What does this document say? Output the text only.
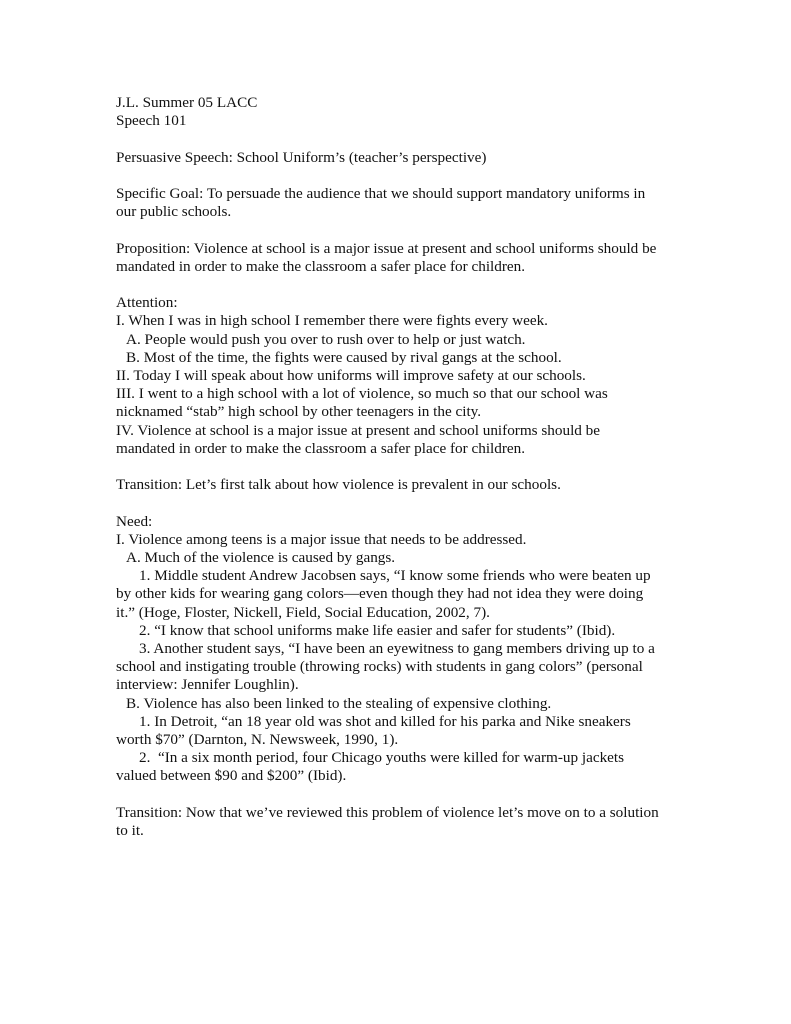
J.L. Summer 05 LACC
Speech 101
Persuasive Speech: School Uniform’s (teacher’s perspective)
Specific Goal: To persuade the audience that we should support mandatory uniforms in
our public schools.
Proposition: Violence at school is a major issue at present and school uniforms should be
mandated in order to make the classroom a safer place for children.
Attention:
I. When I was in high school I remember there were fights every week.
A. People would push you over to rush over to help or just watch.
B. Most of the time, the fights were caused by rival gangs at the school.
II. Today I will speak about how uniforms will improve safety at our schools.
III. I went to a high school with a lot of violence, so much so that our school was
nicknamed “stab” high school by other teenagers in the city.
IV. Violence at school is a major issue at present and school uniforms should be
mandated in order to make the classroom a safer place for children.
Transition: Let’s first talk about how violence is prevalent in our schools.
Need:
I. Violence among teens is a major issue that needs to be addressed.
A. Much of the violence is caused by gangs.
1. Middle student Andrew Jacobsen says, “I know some friends who were beaten up
by other kids for wearing gang colors—even though they had not idea they were doing
it.” (Hoge, Floster, Nickell, Field, Social Education, 2002, 7).
2. “I know that school uniforms make life easier and safer for students” (Ibid).
3. Another student says, “I have been an eyewitness to gang members driving up to a
school and instigating trouble (throwing rocks) with students in gang colors” (personal
interview: Jennifer Loughlin).
B. Violence has also been linked to the stealing of expensive clothing.
1. In Detroit, “an 18 year old was shot and killed for his parka and Nike sneakers
worth $70” (Darnton, N. Newsweek, 1990, 1).
2.  “In a six month period, four Chicago youths were killed for warm-up jackets
valued between $90 and $200” (Ibid).
Transition: Now that we’ve reviewed this problem of violence let’s move on to a solution
to it.
